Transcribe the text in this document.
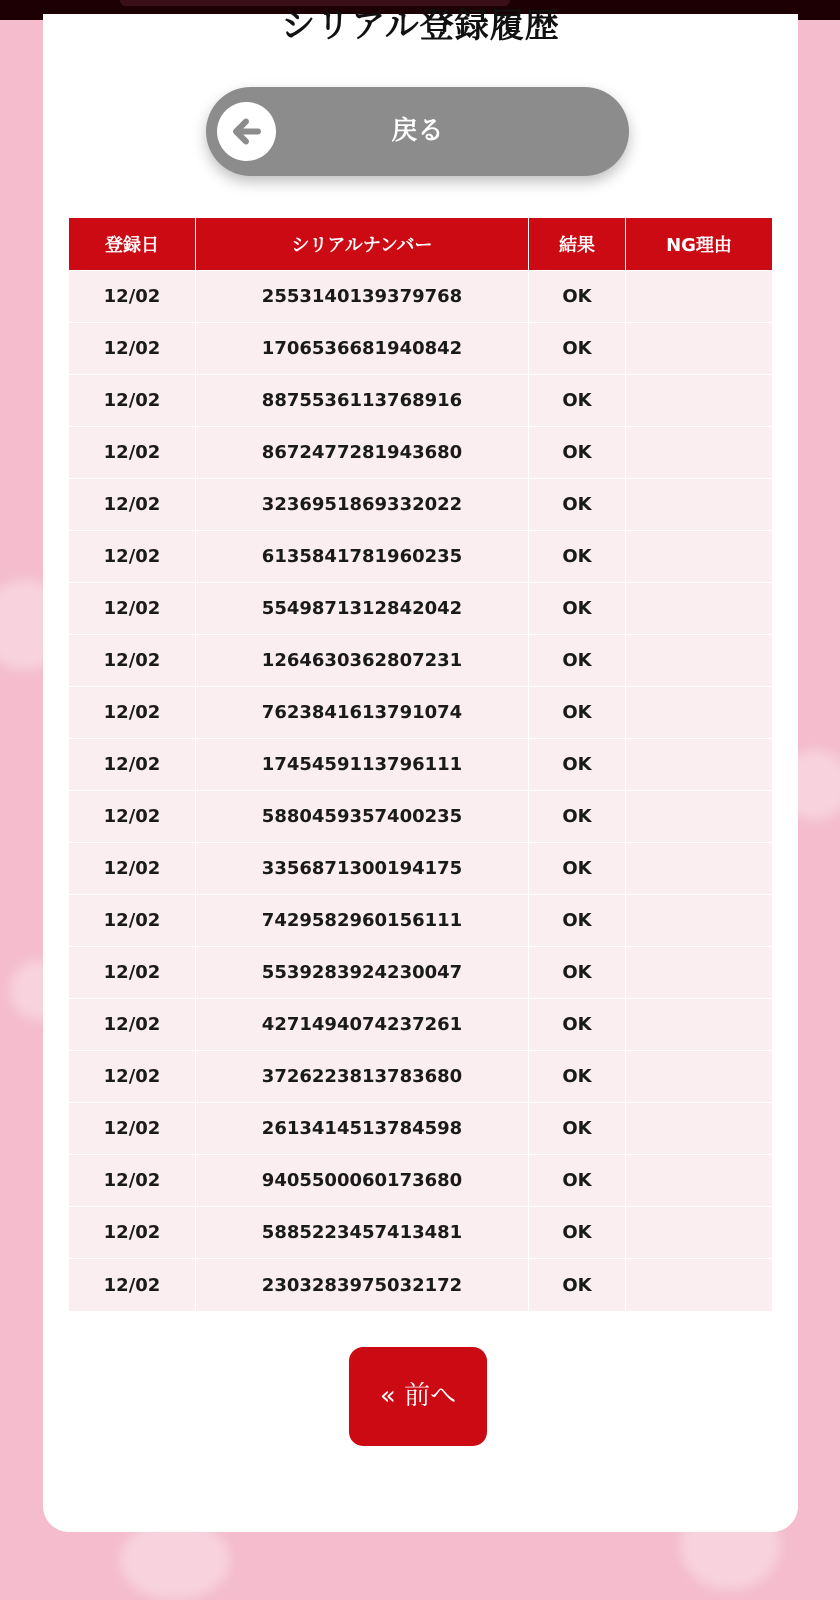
シリアル登録履歴
戻る
登録日	シリアルナンバー	結果	NG理由
12/02	2553140139379768	OK	
12/02	1706536681940842	OK	
12/02	8875536113768916	OK	
12/02	8672477281943680	OK	
12/02	3236951869332022	OK	
12/02	6135841781960235	OK	
12/02	5549871312842042	OK	
12/02	1264630362807231	OK	
12/02	7623841613791074	OK	
12/02	1745459113796111	OK	
12/02	5880459357400235	OK	
12/02	3356871300194175	OK	
12/02	7429582960156111	OK	
12/02	5539283924230047	OK	
12/02	4271494074237261	OK	
12/02	3726223813783680	OK	
12/02	2613414513784598	OK	
12/02	9405500060173680	OK	
12/02	5885223457413481	OK	
12/02	2303283975032172	OK	
« 前へ
